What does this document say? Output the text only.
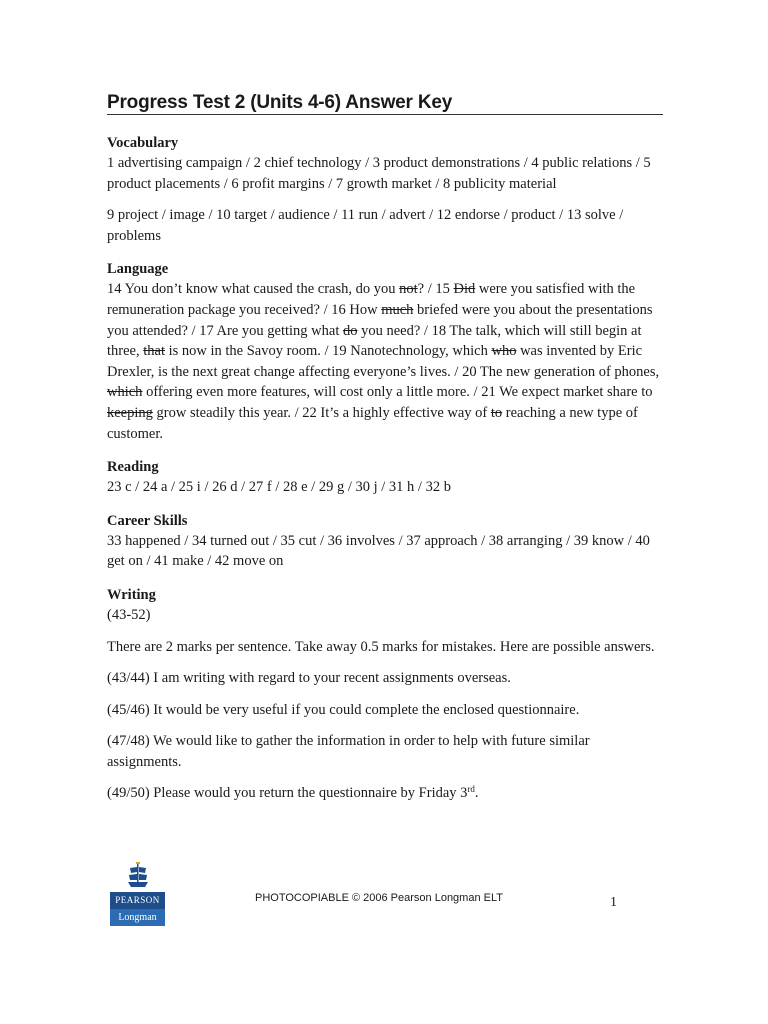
Progress Test 2 (Units 4-6) Answer Key
Vocabulary

1 advertising campaign / 2 chief technology / 3 product demonstrations / 4 public relations / 5 product placements / 6 profit margins / 7 growth market / 8 publicity material

9 project / image / 10 target / audience / 11 run / advert / 12 endorse / product / 13 solve / problems

Language

14 You don’t know what caused the crash, do you not? / 15 Did were you satisfied with the remuneration package you received? / 16 How much briefed were you about the presentations you attended? / 17 Are you getting what do you need? / 18 The talk, which will still begin at three, that is now in the Savoy room. / 19 Nanotechnology, which who was invented by Eric Drexler, is the next great change affecting everyone’s lives. / 20 The new generation of phones, which offering even more features, will cost only a little more. / 21 We expect market share to keeping grow steadily this year. / 22 It’s a highly effective way of to reaching a new type of customer.

Reading

23 c / 24 a / 25 i / 26 d / 27 f / 28 e / 29 g / 30 j / 31 h / 32 b

Career Skills

33 happened / 34 turned out / 35 cut / 36 involves / 37 approach / 38 arranging / 39 know / 40 get on / 41 make / 42 move on

Writing

(43-52)

There are 2 marks per sentence. Take away 0.5 marks for mistakes. Here are possible answers.

(43/44) I am writing with regard to your recent assignments overseas.

(45/46) It would be very useful if you could complete the enclosed questionnaire.

(47/48) We would like to gather the information in order to help with future similar assignments.

(49/50) Please would you return the questionnaire by Friday 3rd.

PEARSON
Longman
PHOTOCOPIABLE © 2006 Pearson Longman ELT	1
